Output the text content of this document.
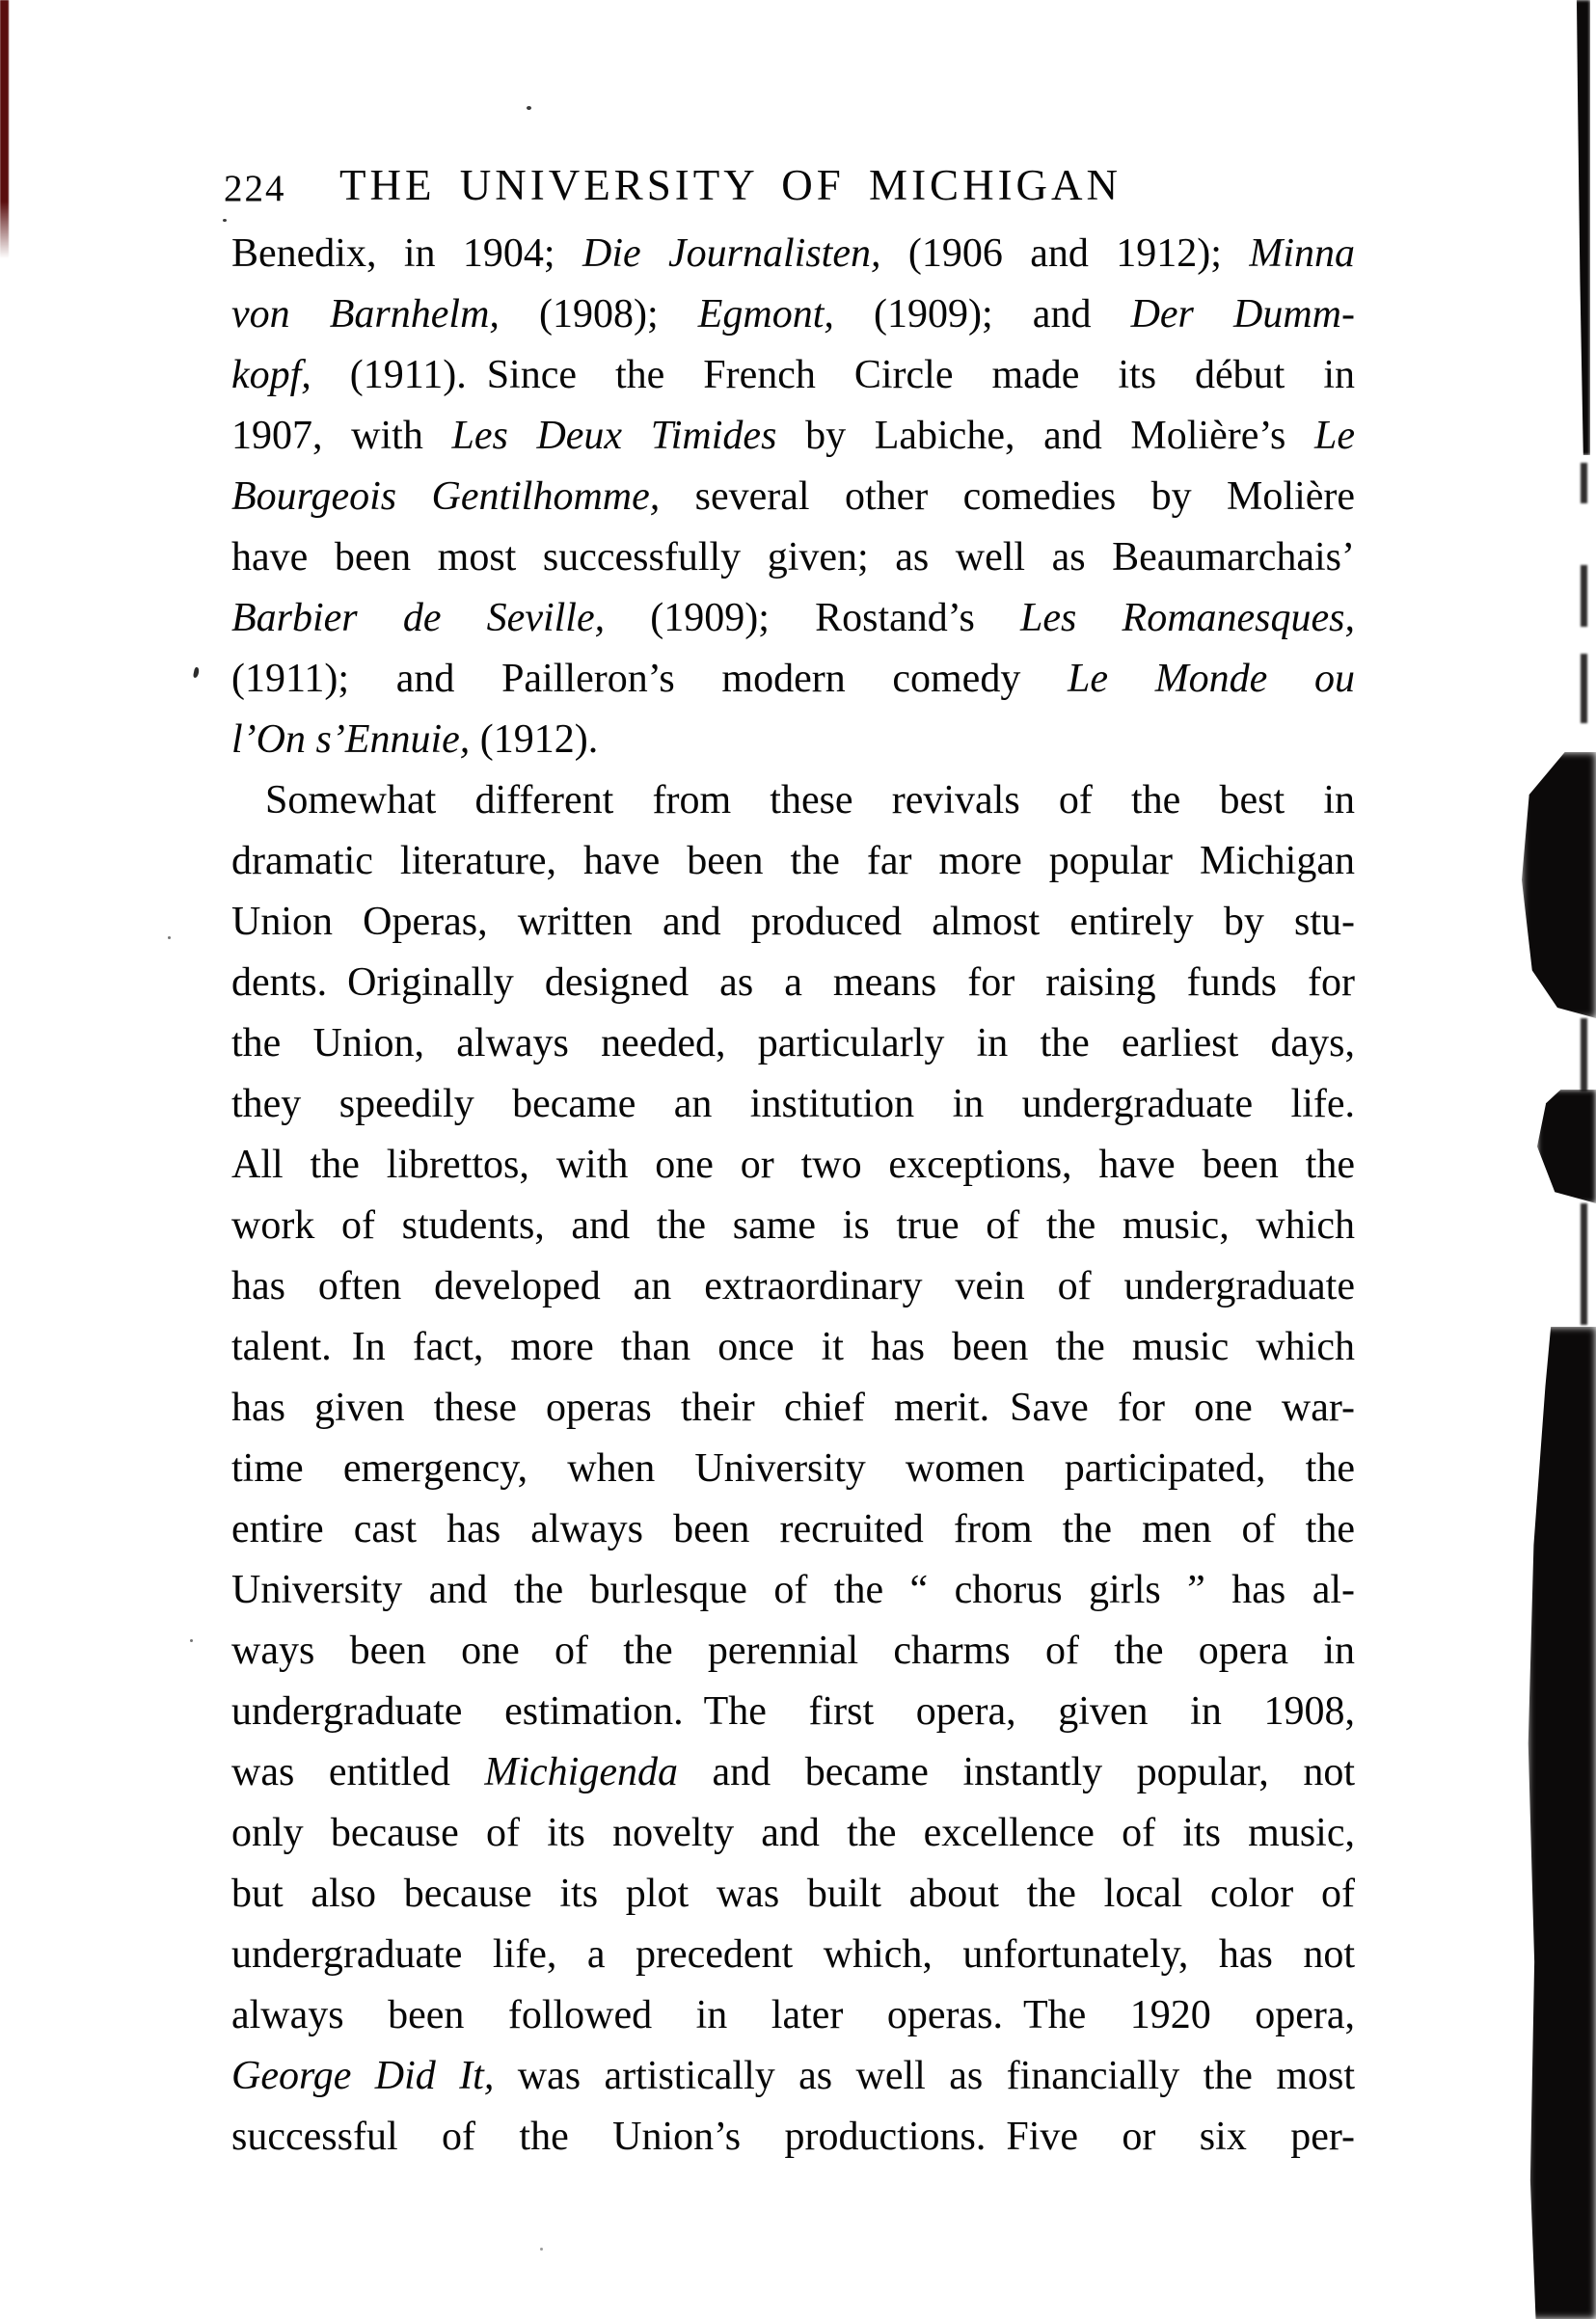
224 THE UNIVERSITY OF MICHIGAN
Benedix, in 1904; Die Journalisten, (1906 and 1912); Minna
von Barnhelm, (1908); Egmont, (1909); and Der Dumm-
kopf, (1911). Since the French Circle made its début in
1907, with Les Deux Timides by Labiche, and Molière’s Le
Bourgeois Gentilhomme, several other comedies by Molière
have been most successfully given; as well as Beaumarchais’
Barbier de Seville, (1909); Rostand’s Les Romanesques,
(1911); and Pailleron’s modern comedy Le Monde ou
l’On s’Ennuie, (1912).
Somewhat different from these revivals of the best in
dramatic literature, have been the far more popular Michigan
Union Operas, written and produced almost entirely by stu-
dents. Originally designed as a means for raising funds for
the Union, always needed, particularly in the earliest days,
they speedily became an institution in undergraduate life.
All the librettos, with one or two exceptions, have been the
work of students, and the same is true of the music, which
has often developed an extraordinary vein of undergraduate
talent. In fact, more than once it has been the music which
has given these operas their chief merit. Save for one war-
time emergency, when University women participated, the
entire cast has always been recruited from the men of the
University and the burlesque of the “ chorus girls ” has al-
ways been one of the perennial charms of the opera in
undergraduate estimation. The first opera, given in 1908,
was entitled Michigenda and became instantly popular, not
only because of its novelty and the excellence of its music,
but also because its plot was built about the local color of
undergraduate life, a precedent which, unfortunately, has not
always been followed in later operas. The 1920 opera,
George Did It, was artistically as well as financially the most
successful of the Union’s productions. Five or six per-
